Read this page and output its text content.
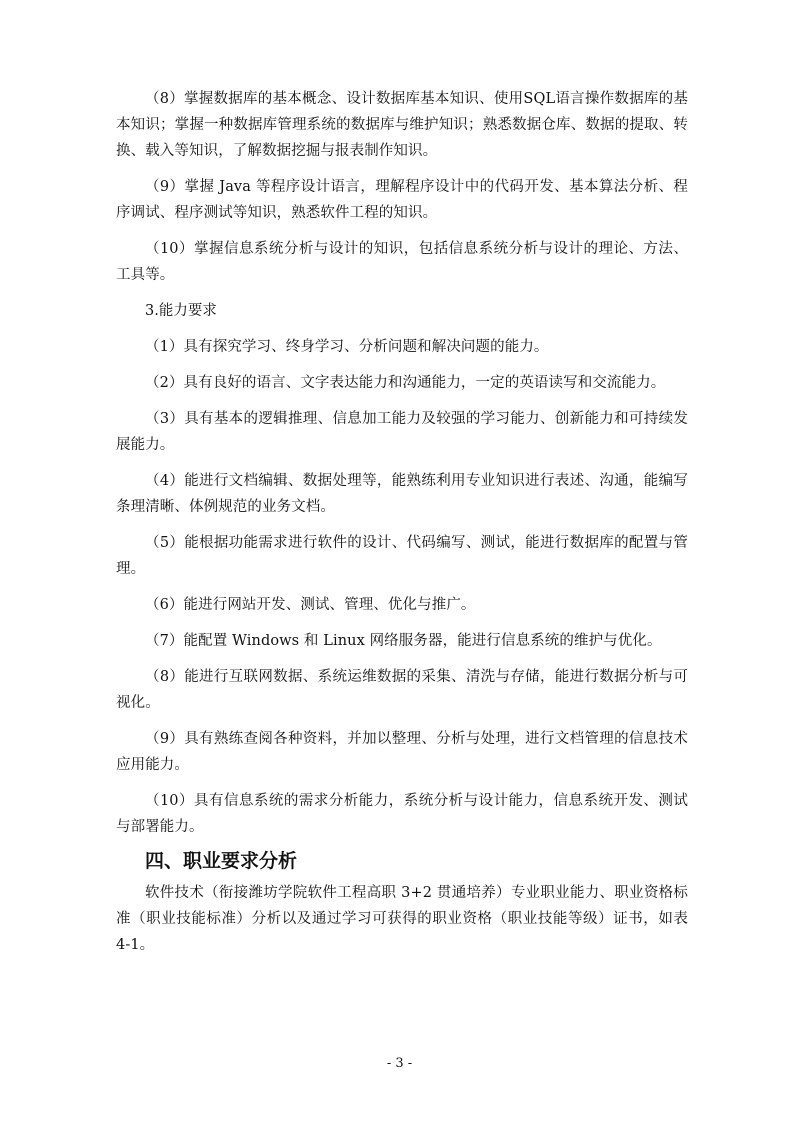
（8）掌握数据库的基本概念、设计数据库基本知识、使用SQL语言操作数据库的基本知识；掌握一种数据库管理系统的数据库与维护知识；熟悉数据仓库、数据的提取、转换、载入等知识，了解数据挖掘与报表制作知识。

（9）掌握 Java 等程序设计语言，理解程序设计中的代码开发、基本算法分析、程序调试、程序测试等知识，熟悉软件工程的知识。

（10）掌握信息系统分析与设计的知识，包括信息系统分析与设计的理论、方法、工具等。

3.能力要求

（1）具有探究学习、终身学习、分析问题和解决问题的能力。

（2）具有良好的语言、文字表达能力和沟通能力，一定的英语读写和交流能力。

（3）具有基本的逻辑推理、信息加工能力及较强的学习能力、创新能力和可持续发展能力。

（4）能进行文档编辑、数据处理等，能熟练利用专业知识进行表述、沟通，能编写条理清晰、体例规范的业务文档。

（5）能根据功能需求进行软件的设计、代码编写、测试，能进行数据库的配置与管理。

（6）能进行网站开发、测试、管理、优化与推广。

（7）能配置 Windows 和 Linux 网络服务器，能进行信息系统的维护与优化。

（8）能进行互联网数据、系统运维数据的采集、清洗与存储，能进行数据分析与可视化。

（9）具有熟练查阅各种资料，并加以整理、分析与处理，进行文档管理的信息技术应用能力。

（10）具有信息系统的需求分析能力，系统分析与设计能力，信息系统开发、测试与部署能力。

四、职业要求分析

软件技术（衔接潍坊学院软件工程高职 3+2 贯通培养）专业职业能力、职业资格标准（职业技能标准）分析以及通过学习可获得的职业资格（职业技能等级）证书，如表 4-1。

- 3 -
